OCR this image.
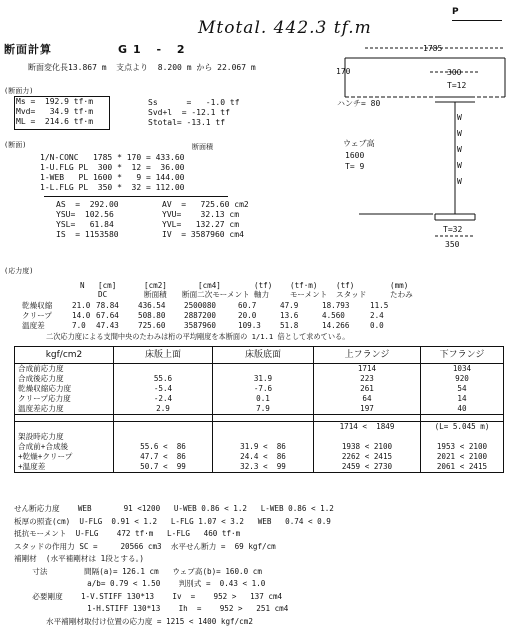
P
Mtotal. 442.3 tf.m
断面計算	G1 - 2
断面変化長13.867 m  支点より  8.200 m から 22.067 m
(断面力)
Ms =  192.9 tf·m
Mvd=   34.9 tf·m
ML =  214.6 tf·m
Ss      =   -1.0 tf
Svd+l  = -12.1 tf
Stotal= -13.1 tf
(断面)	断面積
1/N-CONC   1785 * 170 = 433.60
1-U.FLG PL  300 *  12 =  36.00
1-WEB   PL 1600 *   9 = 144.00
1-L.FLG PL  350 *  32 = 112.00
AS  =  292.00
YSU=  102.56
YSL=   61.84
IS  = 1153580
AV  =   725.60 cm2
YVU=    32.13 cm
YVL=   132.27 cm
IV  = 3587960 cm4
1785
170	300
T=12
ハンチ= 80
ウェブ高
1600
T= 9
W
W
W
W
W
T=32
350
(応力度)
N [cm]	[cm2]	[cm4]	(tf) (tf·m) (tf)	(mm)
DC	断面積 断面二次モーメント 軸力	モーメント スタッド	たわみ
乾燥収縮	21.0 78.84	436.54 2500080	60.7	47.9	18.793	11.5
クリープ	14.0 67.64	508.80 2887200	20.0	13.6	4.560	2.4
温度差	7.0 47.43	725.60 3587960	109.3	51.8	14.266	0.0
二次応力度による支間中央のたわみは桁の平均剛度を本断面の 1/1.1 倍として求めている。
kgf/cm2	床版上面	床版底面	上フランジ	下フランジ
合成前応力度			1714	1034
合成後応力度	55.6	31.9	223	920
乾燥収縮応力度	-5.4	-7.6	261	54
クリープ応力度	-2.4	0.1	64	14
温度差応力度	2.9	7.9	197	40

			1714 <  1849	(L= 5.045 m)
架設時応力度				
合成前+合成後	55.6 <  86	31.9 <  86	1938 < 2100	1953 < 2100
+乾燥+クリープ	47.7 <  86	24.4 <  86	2262 < 2415	2021 < 2100
+温度差	50.7 <  99	32.3 <  99	2459 < 2730	2061 < 2415
せん断応力度    WEB       91 <1200   U-WEB 0.86 < 1.2   L-WEB 0.86 < 1.2
板厚の照査(cm)  U-FLG  0.91 < 1.2   L-FLG 1.07 < 3.2   WEB   0.74 < 0.9
抵抗モーメント  U-FLG    472 tf·m   L-FLG   460 tf·m
スタッドの作用力 SC =     20566 cm3  水平せん断力 =  69 kgf/cm
補剛材  (水平補剛材は 1段とする。)
寸法        間隔(a)= 126.1 cm   ウェブ高(b)= 160.0 cm
a/b= 0.79 < 1.50    判別式 =  0.43 < 1.0
必要剛度    1-V.STIFF 130*13    Iv  =    952 >   137 cm4
1-H.STIFF 130*13    Ih  =    952 >   251 cm4
水平補剛材取付け位置の応力度 = 1215 < 1400 kgf/cm2
